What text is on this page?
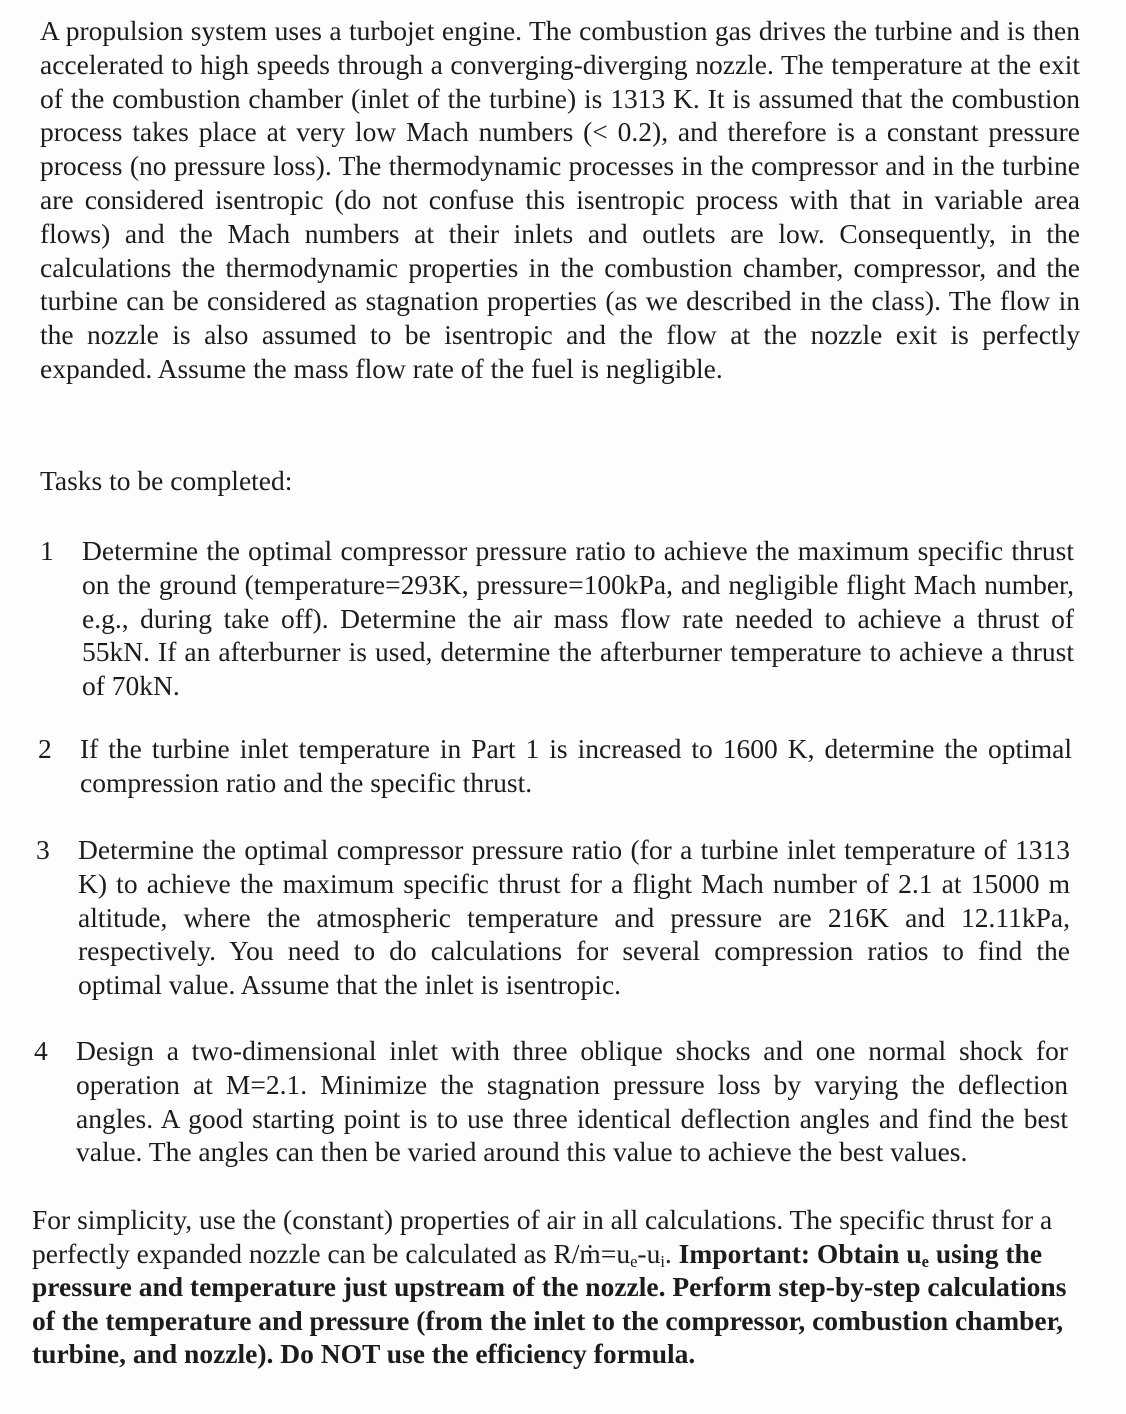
A propulsion system uses a turbojet engine. The combustion gas drives the turbine and is then accelerated to high speeds through a converging-diverging nozzle. The temperature at the exit of the combustion chamber (inlet of the turbine) is 1313 K. It is assumed that the combustion process takes place at very low Mach numbers (< 0.2), and therefore is a constant pressure process (no pressure loss). The thermodynamic processes in the compressor and in the turbine are considered isentropic (do not confuse this isentropic process with that in variable area flows) and the Mach numbers at their inlets and outlets are low. Consequently, in the calculations the thermodynamic properties in the combustion chamber, compressor, and the turbine can be considered as stagnation properties (as we described in the class). The flow in the nozzle is also assumed to be isentropic and the flow at the nozzle exit is perfectly expanded. Assume the mass flow rate of the fuel is negligible.
Tasks to be completed:
1	Determine the optimal compressor pressure ratio to achieve the maximum specific thrust on the ground (temperature=293K, pressure=100kPa, and negligible flight Mach number, e.g., during take off). Determine the air mass flow rate needed to achieve a thrust of 55kN. If an afterburner is used, determine the afterburner temperature to achieve a thrust of 70kN.
2	If the turbine inlet temperature in Part 1 is increased to 1600 K, determine the optimal compression ratio and the specific thrust.
3	Determine the optimal compressor pressure ratio (for a turbine inlet temperature of 1313 K) to achieve the maximum specific thrust for a flight Mach number of 2.1 at 15000 m altitude, where the atmospheric temperature and pressure are 216K and 12.11kPa, respectively. You need to do calculations for several compression ratios to find the optimal value. Assume that the inlet is isentropic.
4	Design a two-dimensional inlet with three oblique shocks and one normal shock for operation at M=2.1. Minimize the stagnation pressure loss by varying the deflection angles. A good starting point is to use three identical deflection angles and find the best value. The angles can then be varied around this value to achieve the best values.
For simplicity, use the (constant) properties of air in all calculations. The specific thrust for a perfectly expanded nozzle can be calculated as $R/ṁ=u_e-u_i$. Important: Obtain $u_e$ using the pressure and temperature just upstream of the nozzle. Perform step-by-step calculations of the temperature and pressure (from the inlet to the compressor, combustion chamber, turbine, and nozzle). Do NOT use the efficiency formula.
